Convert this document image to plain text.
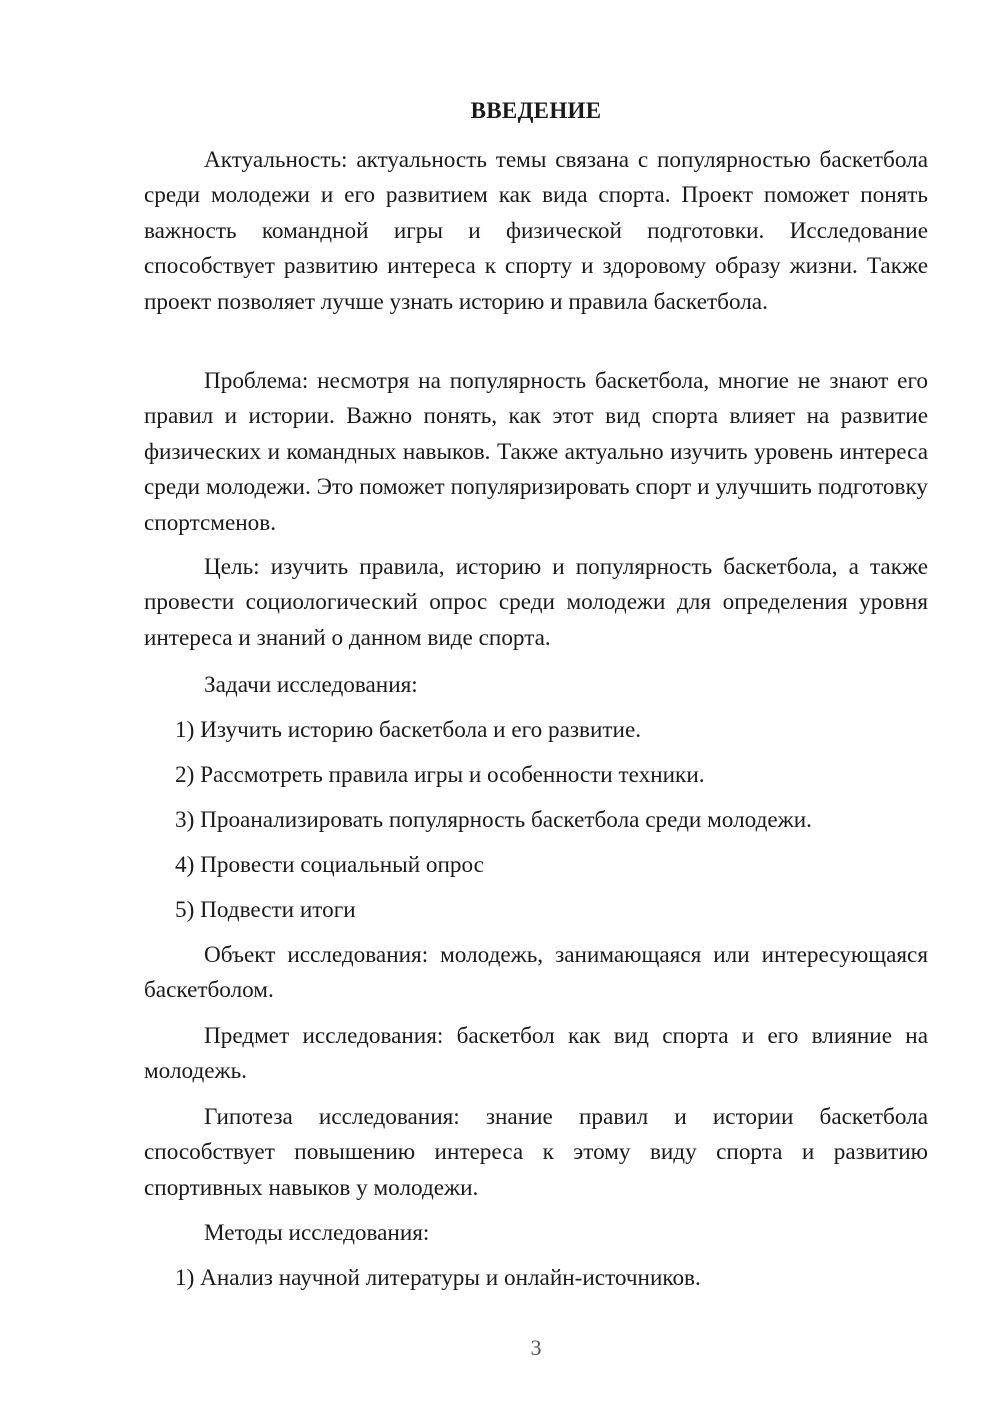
ВВЕДЕНИЕ

Актуальность: актуальность темы связана с популярностью баскетбола среди молодежи и его развитием как вида спорта. Проект поможет понять важность командной игры и физической подготовки. Исследование способствует развитию интереса к спорту и здоровому образу жизни. Также проект позволяет лучше узнать историю и правила баскетбола.

Проблема: несмотря на популярность баскетбола, многие не знают его правил и истории. Важно понять, как этот вид спорта влияет на развитие физических и командных навыков. Также актуально изучить уровень интереса среди молодежи. Это поможет популяризировать спорт и улучшить подготовку спортсменов.

Цель: изучить правила, историю и популярность баскетбола, а также провести социологический опрос среди молодежи для определения уровня интереса и знаний о данном виде спорта.

Задачи исследования:

1) Изучить историю баскетбола и его развитие.

2) Рассмотреть правила игры и особенности техники.

3) Проанализировать популярность баскетбола среди молодежи.

4) Провести социальный опрос

5) Подвести итоги

Объект исследования: молодежь, занимающаяся или интересующаяся баскетболом.

Предмет исследования: баскетбол как вид спорта и его влияние на молодежь.

Гипотеза исследования: знание правил и истории баскетбола способствует повышению интереса к этому виду спорта и развитию спортивных навыков у молодежи.

Методы исследования:

1) Анализ научной литературы и онлайн-источников.

3
